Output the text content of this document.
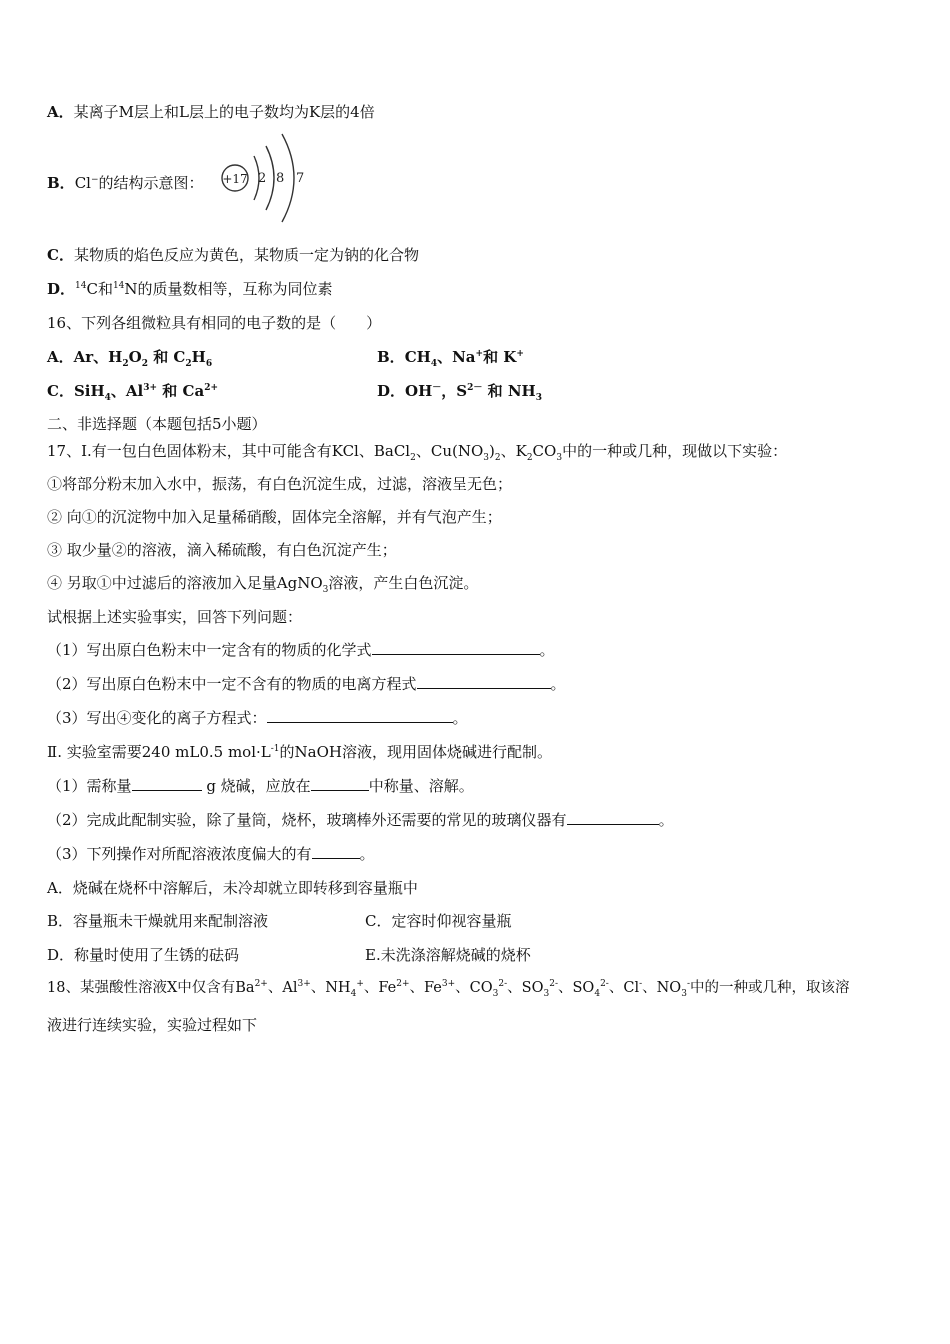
A．某离子M层上和L层上的电子数均为K层的4倍
B．Cl−的结构示意图： +17 2 8 7
C．某物质的焰色反应为黄色，某物质一定为钠的化合物
D．$^{14}$C和$^{14}$N的质量数相等，互称为同位素
16、下列各组微粒具有相同的电子数的是（　　）
A．Ar、$H_2O_2$ 和 $C_2H_6$	B．$CH_4$、Na+和 K+
C．SiH$_4$、$Al^{3+}$ 和 $Ca^{2+}$	D．OH－，$S^{2-}$ 和 $NH_3$
二、非选择题（本题包括5小题）
17、Ⅰ.有一包白色固体粉末，其中可能含有KCl、BaCl$_2$、$Cu(NO_3)_2$、$K_2CO_3$中的一种或几种，现做以下实验：
①将部分粉末加入水中，振荡，有白色沉淀生成，过滤，溶液呈无色；
② 向①的沉淀物中加入足量稀硝酸，固体完全溶解，并有气泡产生；
③ 取少量②的溶液，滴入稀硫酸，有白色沉淀产生；
④ 另取①中过滤后的溶液加入足量AgNO$_3$溶液，产生白色沉淀。
试根据上述实验事实，回答下列问题：
（1）写出原白色粉末中一定含有的物质的化学式	。
（2）写出原白色粉末中一定不含有的物质的电离方程式	。
（3）写出④变化的离子方程式：	。
Ⅱ. 实验室需要240 mL0.5 $mol\cdot L^{-1}$的NaOH溶液，现用固体烧碱进行配制。
（1）需称量	g 烧碱，应放在	中称量、溶解。
（2）完成此配制实验，除了量筒，烧杯，玻璃棒外还需要的常见的玻璃仪器有	。
（3）下列操作对所配溶液浓度偏大的有	。
A．烧碱在烧杯中溶解后，未冷却就立即转移到容量瓶中
B．容量瓶未干燥就用来配制溶液	C．定容时仰视容量瓶
D．称量时使用了生锈的砝码	E.未洗涤溶解烧碱的烧杯
18、某强酸性溶液X中仅含有$Ba^{2+}$、$Al^{3+}$、$NH_4^+$、$Fe^{2+}$、$Fe^{3+}$、$CO_3^{2-}$、$SO_3^{2-}$、$SO_4^{2-}$、Cl-、$NO_3^-$中的一种或几种，取该溶
液进行连续实验，实验过程如下
